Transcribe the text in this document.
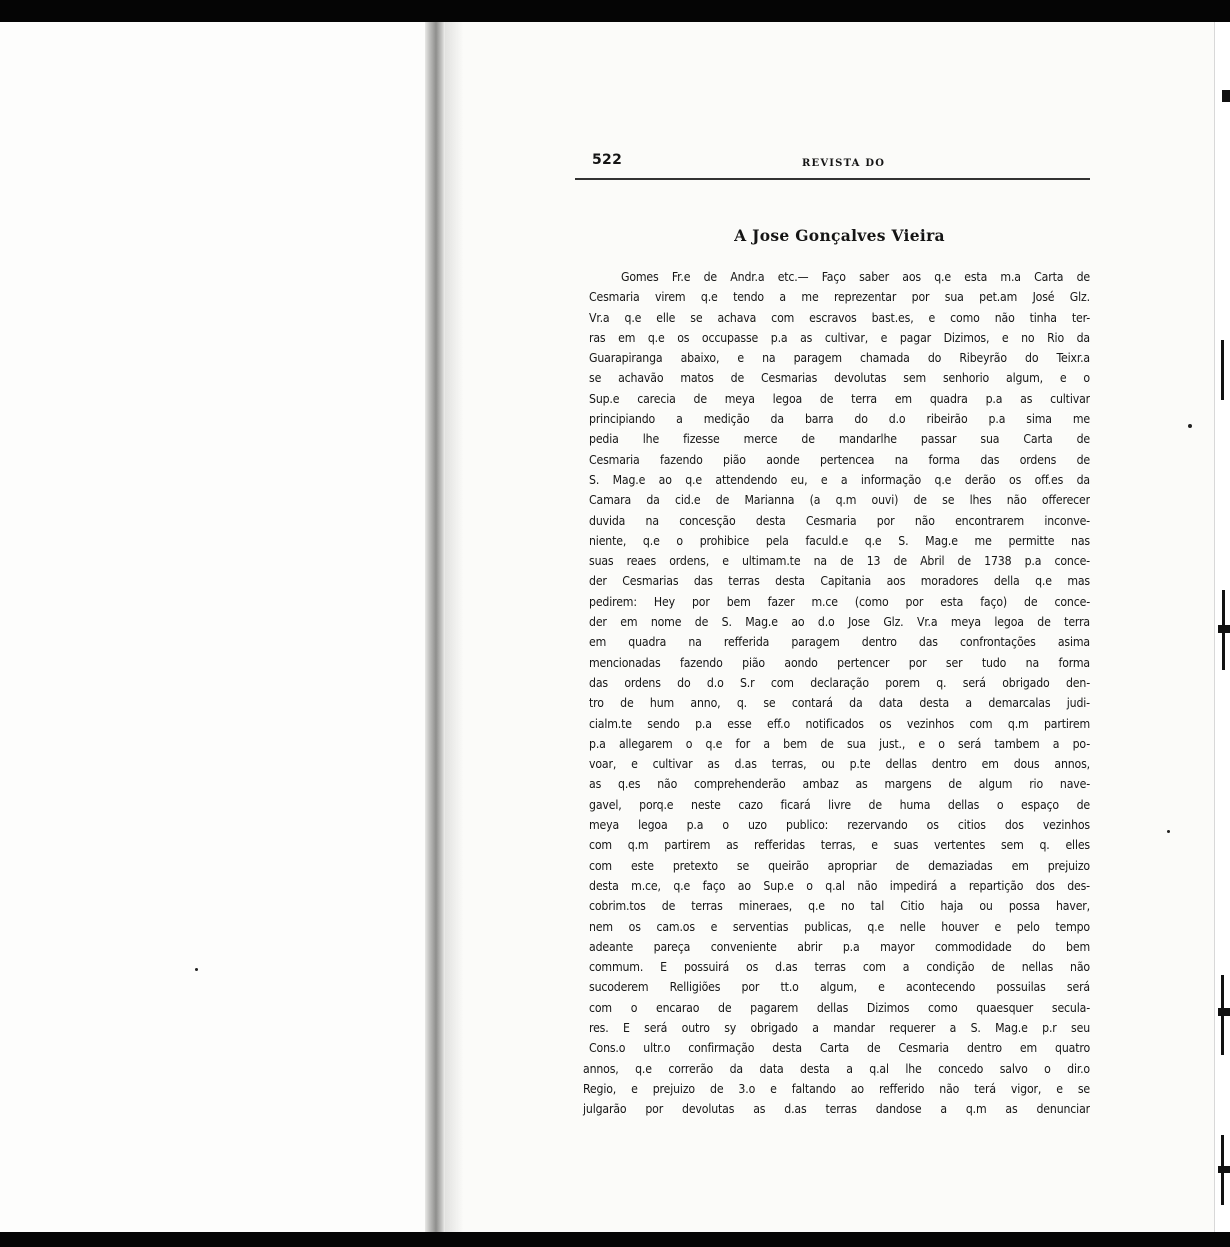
522	REVISTA DO
A Jose Gonçalves Vieira
Gomes Fr.e de Andr.a etc.— Faço saber aos q.e esta m.a Carta de
Cesmaria virem q.e tendo a me reprezentar por sua pet.am José Glz.
Vr.a q.e elle se achava com escravos bast.es, e como não tinha ter-
ras em q.e os occupasse p.a as cultivar, e pagar Dizimos, e no Rio da
Guarapiranga abaixo, e na paragem chamada do Ribeyrão do Teixr.a
se achavão matos de Cesmarias devolutas sem senhorio algum, e o
Sup.e carecia de meya legoa de terra em quadra p.a as cultivar
principiando a medição da barra do d.o ribeirão p.a sima me
pedia lhe fizesse merce de mandarlhe passar sua Carta de
Cesmaria fazendo pião aonde pertencea na forma das ordens de
S. Mag.e ao q.e attendendo eu, e a informação q.e derão os off.es da
Camara da cid.e de Marianna (a q.m ouvi) de se lhes não offerecer
duvida na concesção desta Cesmaria por não encontrarem inconve-
niente, q.e o prohibice pela faculd.e q.e S. Mag.e me permitte nas
suas reaes ordens, e ultimam.te na de 13 de Abril de 1738 p.a conce-
der Cesmarias das terras desta Capitania aos moradores della q.e mas
pedirem: Hey por bem fazer m.ce (como por esta faço) de conce-
der em nome de S. Mag.e ao d.o Jose Glz. Vr.a meya legoa de terra
em quadra na refferida paragem dentro das confrontações asima
mencionadas fazendo pião aondo pertencer por ser tudo na forma
das ordens do d.o S.r com declaração porem q. será obrigado den-
tro de hum anno, q. se contará da data desta a demarcalas judi-
cialm.te sendo p.a esse eff.o notificados os vezinhos com q.m partirem
p.a allegarem o q.e for a bem de sua just., e o será tambem a po-
voar, e cultivar as d.as terras, ou p.te dellas dentro em dous annos,
as q.es não comprehenderão ambaz as margens de algum rio nave-
gavel, porq.e neste cazo ficará livre de huma dellas o espaço de
meya legoa p.a o uzo publico: rezervando os citios dos vezinhos
com q.m partirem as refferidas terras, e suas vertentes sem q. elles
com este pretexto se queirão apropriar de demaziadas em prejuizo
desta m.ce, q.e faço ao Sup.e o q.al não impedirá a repartição dos des-
cobrim.tos de terras mineraes, q.e no tal Citio haja ou possa haver,
nem os cam.os e serventias publicas, q.e nelle houver e pelo tempo
adeante pareça conveniente abrir p.a mayor commodidade do bem
commum. E possuirá os d.as terras com a condição de nellas não
sucoderem Relligiões por tt.o algum, e acontecendo possuilas será
com o encarao de pagarem dellas Dizimos como quaesquer secula-
res. E será outro sy obrigado a mandar requerer a S. Mag.e p.r seu
Cons.o ultr.o confirmação desta Carta de Cesmaria dentro em quatro
annos, q.e correrão da data desta a q.al lhe concedo salvo o dir.o
Regio, e prejuizo de 3.o e faltando ao refferido não terá vigor, e se
julgarão por devolutas as d.as terras dandose a q.m as denunciar
